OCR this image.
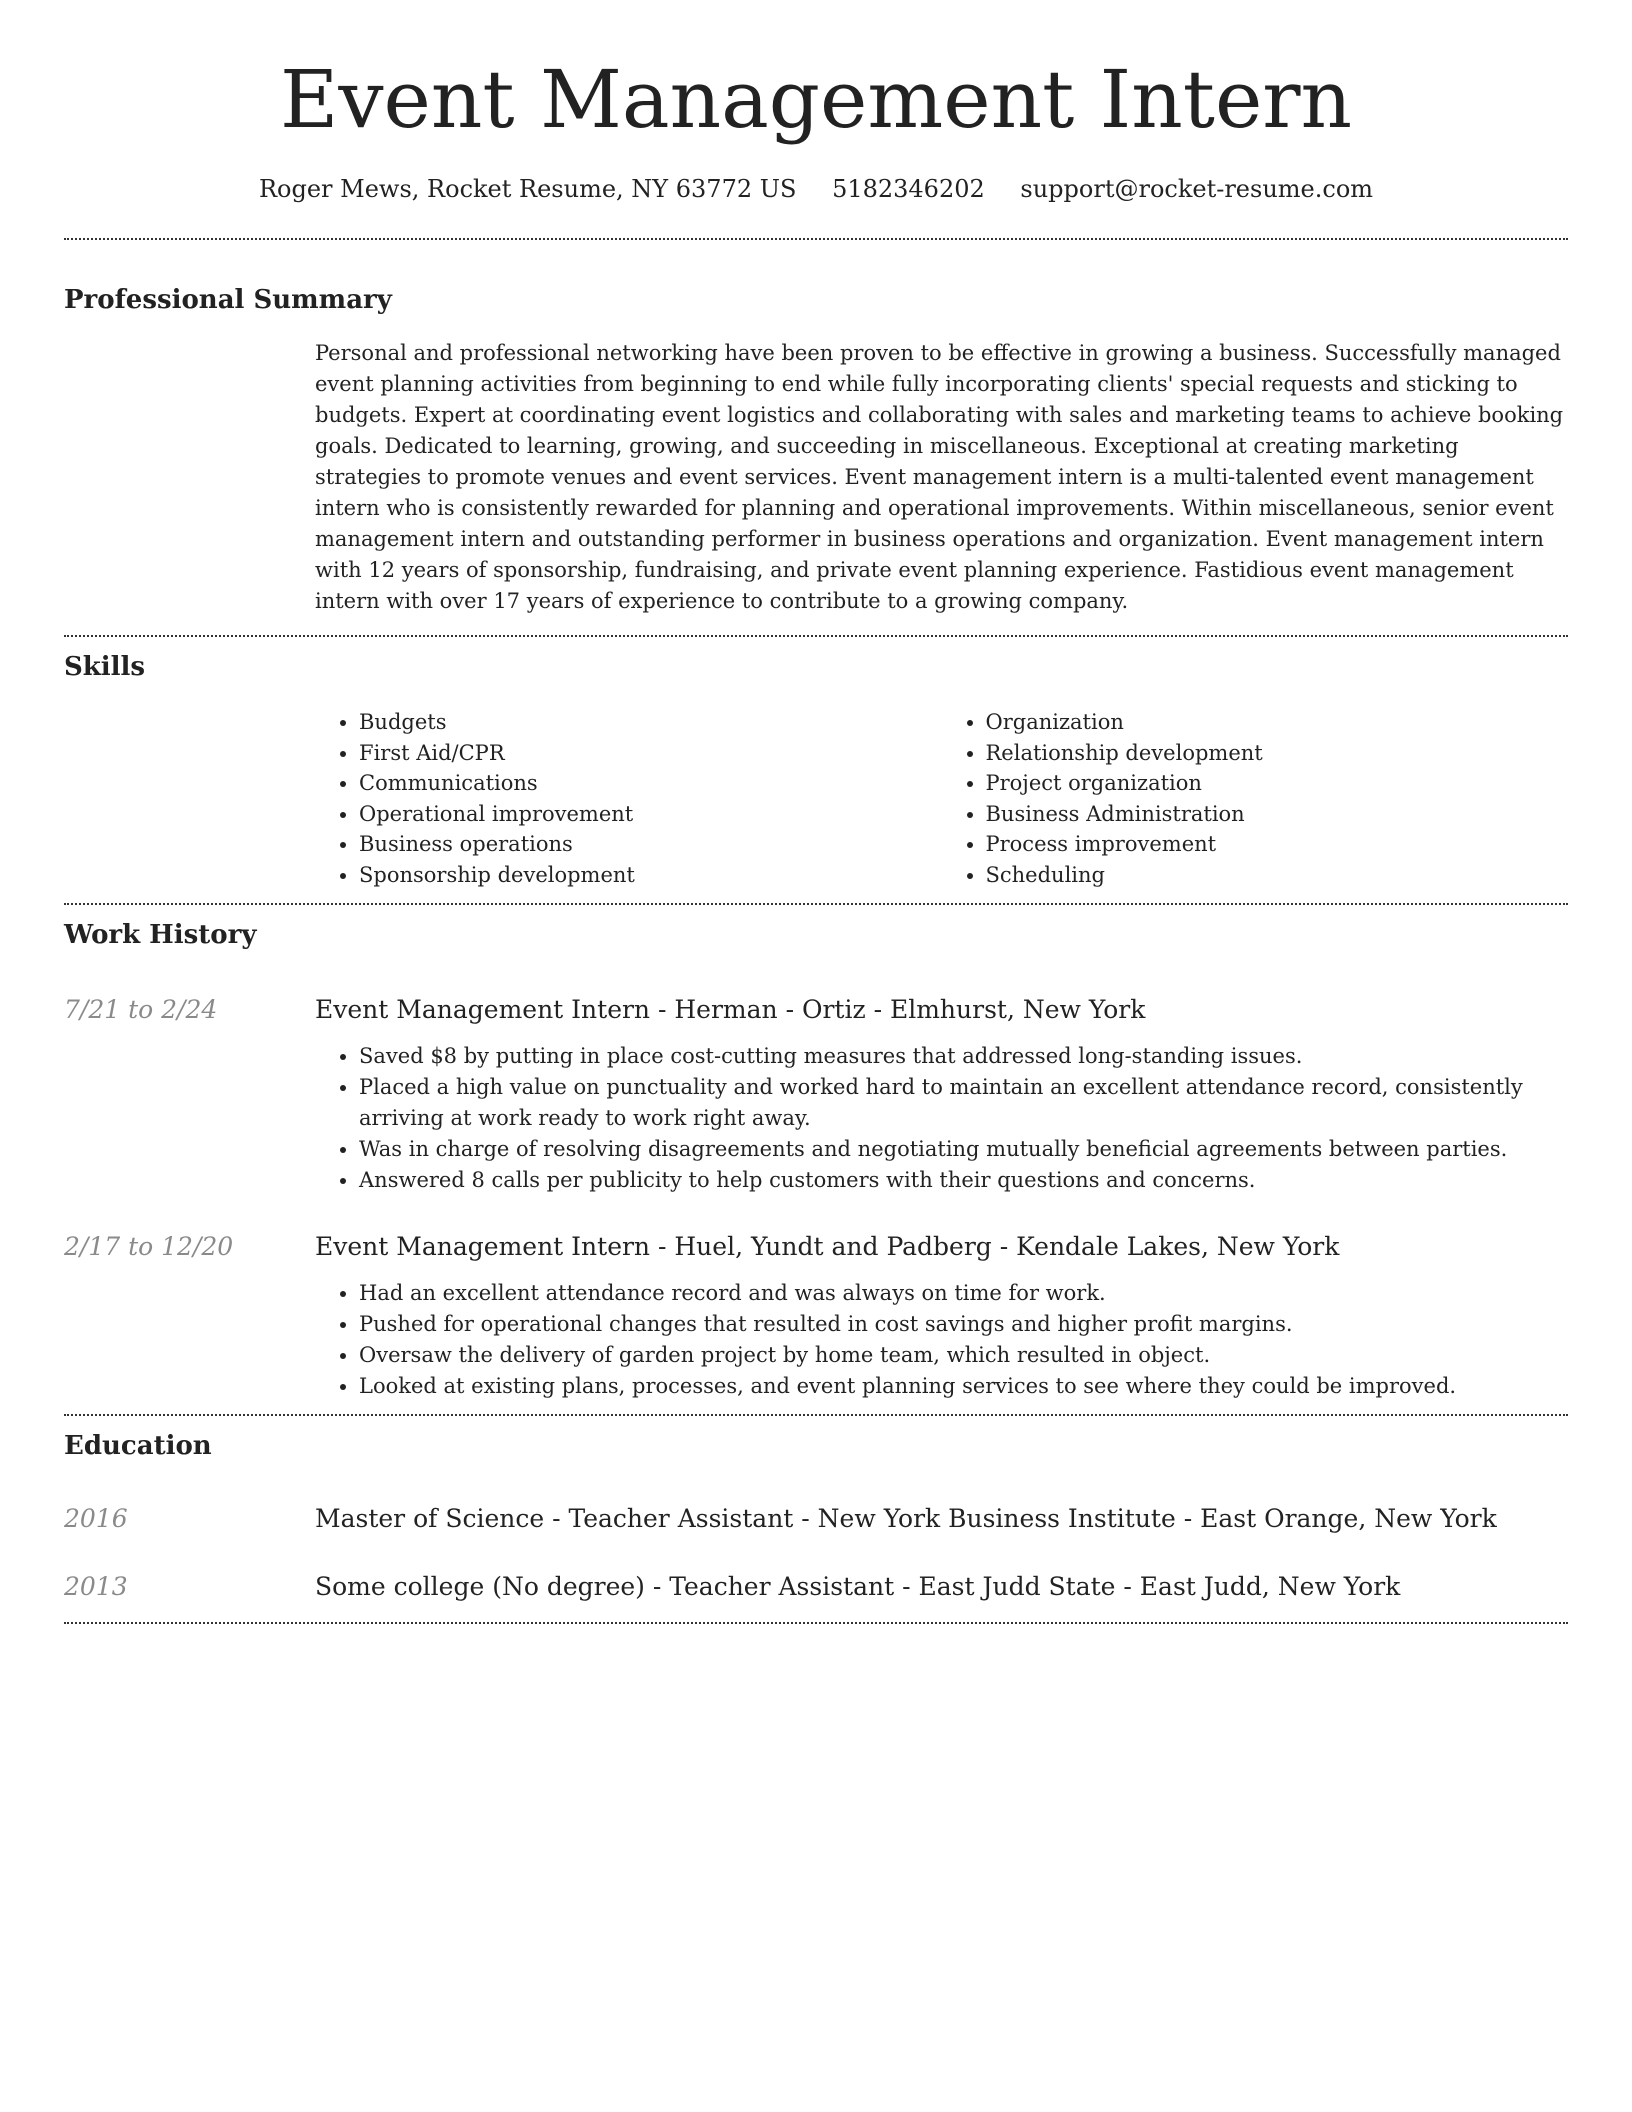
Event Management Intern
Roger Mews, Rocket Resume, NY 63772 US 5182346202 support@rocket-resume.com
Professional Summary

Personal and professional networking have been proven to be effective in growing a business. Successfully managed event planning activities from beginning to end while fully incorporating clients' special requests and sticking to budgets. Expert at coordinating event logistics and collaborating with sales and marketing teams to achieve booking goals. Dedicated to learning, growing, and succeeding in miscellaneous. Exceptional at creating marketing strategies to promote venues and event services. Event management intern is a multi-talented event management intern who is consistently rewarded for planning and operational improvements. Within miscellaneous, senior event management intern and outstanding performer in business operations and organization. Event management intern with 12 years of sponsorship, fundraising, and private event planning experience. Fastidious event management intern with over 17 years of experience to contribute to a growing company.

Skills
• Budgets
• First Aid/CPR
• Communications
• Operational improvement
• Business operations
• Sponsorship development
• Organization
• Relationship development
• Project organization
• Business Administration
• Process improvement
• Scheduling
Work History
7/21 to 2/24	Event Management Intern - Herman - Ortiz - Elmhurst, New York
• Saved $8 by putting in place cost-cutting measures that addressed long-standing issues.
• Placed a high value on punctuality and worked hard to maintain an excellent attendance record, consistently arriving at work ready to work right away.
• Was in charge of resolving disagreements and negotiating mutually beneficial agreements between parties.
• Answered 8 calls per publicity to help customers with their questions and concerns.
2/17 to 12/20	Event Management Intern - Huel, Yundt and Padberg - Kendale Lakes, New York
• Had an excellent attendance record and was always on time for work.
• Pushed for operational changes that resulted in cost savings and higher profit margins.
• Oversaw the delivery of garden project by home team, which resulted in object.
• Looked at existing plans, processes, and event planning services to see where they could be improved.
Education
2016	Master of Science - Teacher Assistant - New York Business Institute - East Orange, New York
2013	Some college (No degree) - Teacher Assistant - East Judd State - East Judd, New York
